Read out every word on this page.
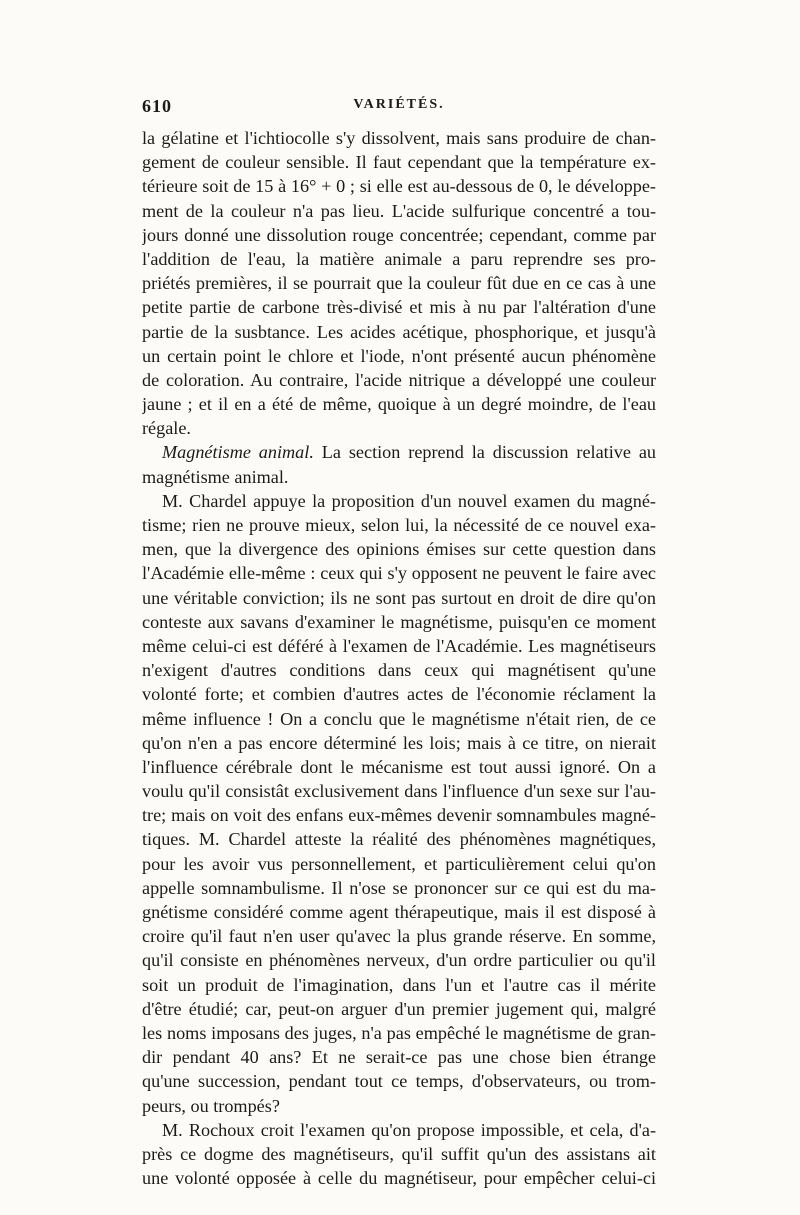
610	VARIÉTÉS.
la gélatine et l'ichtiocolle s'y dissolvent, mais sans produire de chan-
gement de couleur sensible. Il faut cependant que la température ex-
térieure soit de 15 à 16° + 0 ; si elle est au-dessous de 0, le développe-
ment de la couleur n'a pas lieu. L'acide sulfurique concentré a tou-
jours donné une dissolution rouge concentrée; cependant, comme par
l'addition de l'eau, la matière animale a paru reprendre ses pro-
priétés premières, il se pourrait que la couleur fût due en ce cas à une
petite partie de carbone très-divisé et mis à nu par l'altération d'une
partie de la susbtance. Les acides acétique, phosphorique, et jusqu'à
un certain point le chlore et l'iode, n'ont présenté aucun phénomène
de coloration. Au contraire, l'acide nitrique a développé une couleur
jaune ; et il en a été de même, quoique à un degré moindre, de l'eau
régale.
Magnétisme animal. La section reprend la discussion relative au
magnétisme animal.
M. Chardel appuye la proposition d'un nouvel examen du magné-
tisme; rien ne prouve mieux, selon lui, la nécessité de ce nouvel exa-
men, que la divergence des opinions émises sur cette question dans
l'Académie elle-même : ceux qui s'y opposent ne peuvent le faire avec
une véritable conviction; ils ne sont pas surtout en droit de dire qu'on
conteste aux savans d'examiner le magnétisme, puisqu'en ce moment
même celui-ci est déféré à l'examen de l'Académie. Les magnétiseurs
n'exigent d'autres conditions dans ceux qui magnétisent qu'une
volonté forte; et combien d'autres actes de l'économie réclament la
même influence ! On a conclu que le magnétisme n'était rien, de ce
qu'on n'en a pas encore déterminé les lois; mais à ce titre, on nierait
l'influence cérébrale dont le mécanisme est tout aussi ignoré. On a
voulu qu'il consistât exclusivement dans l'influence d'un sexe sur l'au-
tre; mais on voit des enfans eux-mêmes devenir somnambules magné-
tiques. M. Chardel atteste la réalité des phénomènes magnétiques,
pour les avoir vus personnellement, et particulièrement celui qu'on
appelle somnambulisme. Il n'ose se prononcer sur ce qui est du ma-
gnétisme considéré comme agent thérapeutique, mais il est disposé à
croire qu'il faut n'en user qu'avec la plus grande réserve. En somme,
qu'il consiste en phénomènes nerveux, d'un ordre particulier ou qu'il
soit un produit de l'imagination, dans l'un et l'autre cas il mérite
d'être étudié; car, peut-on arguer d'un premier jugement qui, malgré
les noms imposans des juges, n'a pas empêché le magnétisme de gran-
dir pendant 40 ans? Et ne serait-ce pas une chose bien étrange
qu'une succession, pendant tout ce temps, d'observateurs, ou trom-
peurs, ou trompés?
M. Rochoux croit l'examen qu'on propose impossible, et cela, d'a-
près ce dogme des magnétiseurs, qu'il suffit qu'un des assistans ait
une volonté opposée à celle du magnétiseur, pour empêcher celui-ci
